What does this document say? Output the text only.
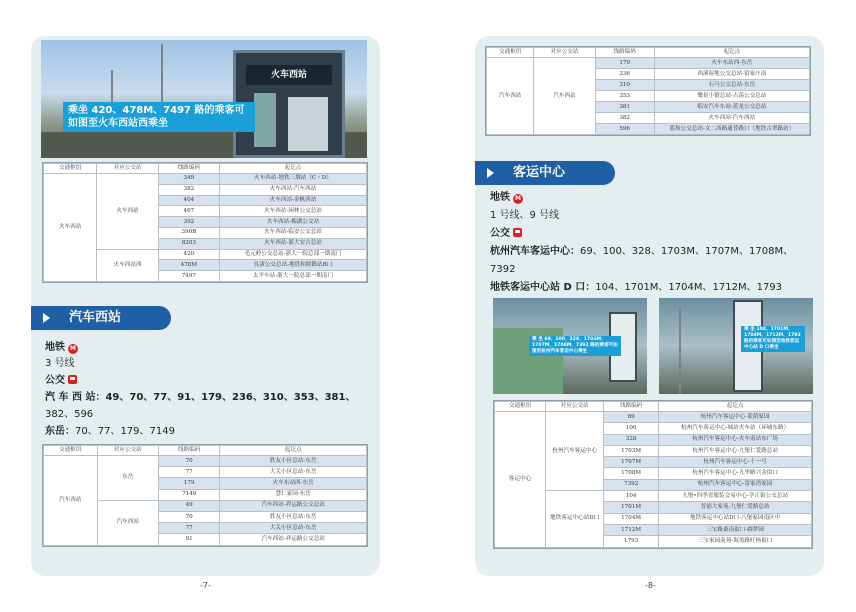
火车西站
乘坐 420、478M、7497 路的乘客可如图至火车西站西乘坐
交通枢纽	对应公交站	线路编码	起讫点
火车西站	火车西站	349	火车西站-地铁三墩站（C・D）
		382	火车西站-汽车西站
		404	火车西站-金帆西站
		467	火车西站-闲林公交总站
		392	火车西站-楣湖公交站
		390B	火车西站-临安公交总站
		8203	火车西站-浙大安吉总站
	火车西站西	420	毛元岭公交总站-浙大一院总部一期南门
		478M	良渚公交总站-地铁和睦路站B口
		7497	太平车站-浙大一院总部一期南门
汽车西站
地铁 M
3 号线
公交
汽 车 西 站：49、70、77、91、179、236、310、353、381、
382、596
东岳：70、77、179、7149
交通枢纽	对应公交站	线路编码	起讫点
汽车西站	东岳	70	胜友小区总站-东岳
		77	大关小区总站-东岳
		179	火车东站西-东岳
		7149	慧仁家园-东岳
	汽车西站	49	汽车西站-祥运路公交总站
		70	胜友小区总站-东岳
		77	大关小区总站-东岳
		91	汽车西站-祥运路公交总站
-7-
交通枢纽	对应公交站	线路编码	起讫点
汽车西站	汽车西站	179	火车东站西-东岳
		236	西溪湿地公交总站-留家庄南
		310	石马公交总站-东岳
		353	樂景小镇总站-古荡公交总站
		381	临安汽车东站-黄龙公交总站
		382	火车西站-汽车西站
		596	篮和公交总站-文二西路通普路口（地铁古翠路站）
客运中心
地铁 M
1 号线、9 号线
公交
杭州汽车客运中心：69、100、328、1703M、1707M、1708M、
7392
地铁客运中心站 D 口：104、1701M、1704M、1712M、1793
乘 坐 69、100、328、1703M、1707M、1708M、7392 路的乘客可如图至杭州汽车客运中心乘坐
乘 坐 104、1701M、1704M、1712M、1793 路的乘客可如图至地铁客运中心站 D 口乘坐
交通枢纽	对应公交站	线路编码	起讫点
客运中心	杭州汽车客运中心	69	杭州汽车客运中心-蒙荫家园
		100	杭州汽车客运中心-城站火车站（环城东路）
		328	杭州汽车客运中心-火车南站东广场
		1703M	杭州汽车客运中心-九堡仁爱路总站
		1707M	杭州汽车客运中心-十一号
		1708M	杭州汽车客运中心-九华路兴金街口
		7392	杭州汽车客运中心-雷家湾家园
	地铁客运中心站D口	104	九堡•四季青服装交易中心-学正街公交总站
		1701M	普德大家苑-九堡仁爱路总站
		1704M	地铁客运中心站D口-八堡家园南区中
		1712M	三宝路桑南街口-圆梦园
		1793	三宝家园南苑-海盈路旺杨街口
-8-
